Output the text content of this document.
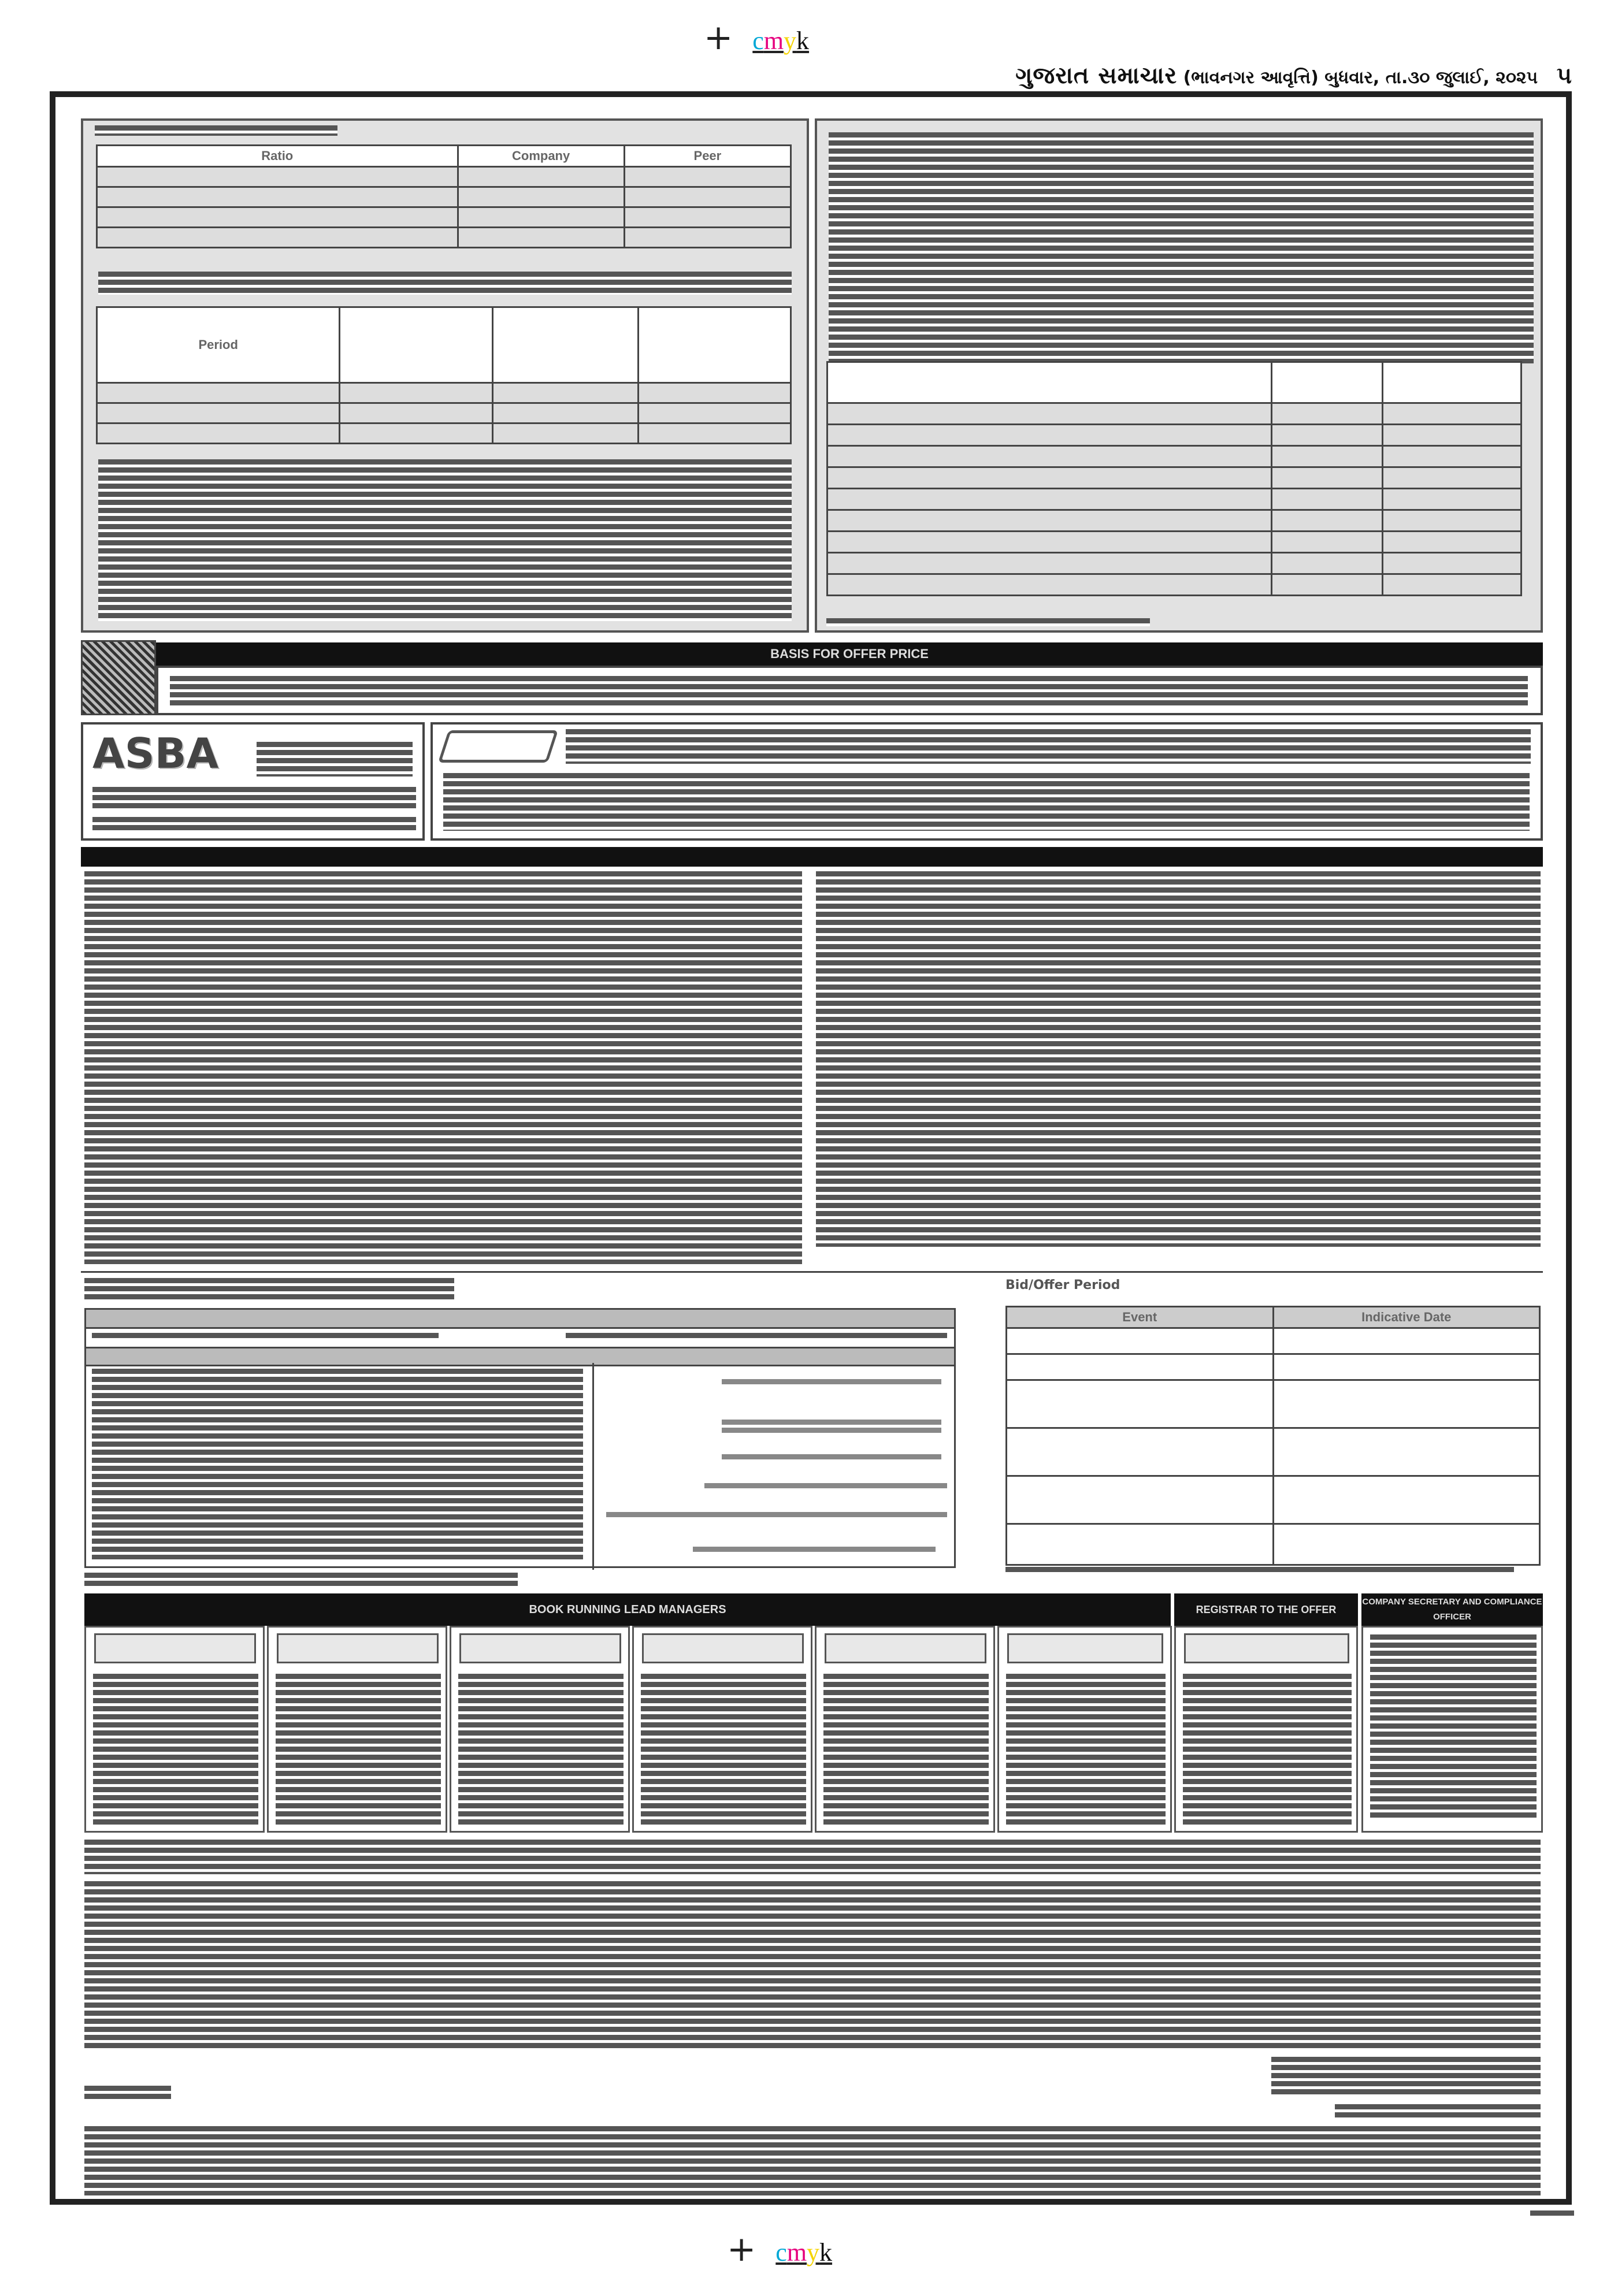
+ cmyk
ગુજરાત સમાચાર (ભાવનગર આવૃત્તિ) બુધવાર, તા.૩૦ જુલાઈ, ૨૦૨૫ ૫
Ratio	Company	Peer

Period			

BASIS FOR OFFER PRICE
ASBA
Bid/Offer Period
Event	Indicative Date

BOOK RUNNING LEAD MANAGERS	REGISTRAR TO THE OFFER
COMPANY SECRETARY AND COMPLIANCE OFFICER
+ cmyk
